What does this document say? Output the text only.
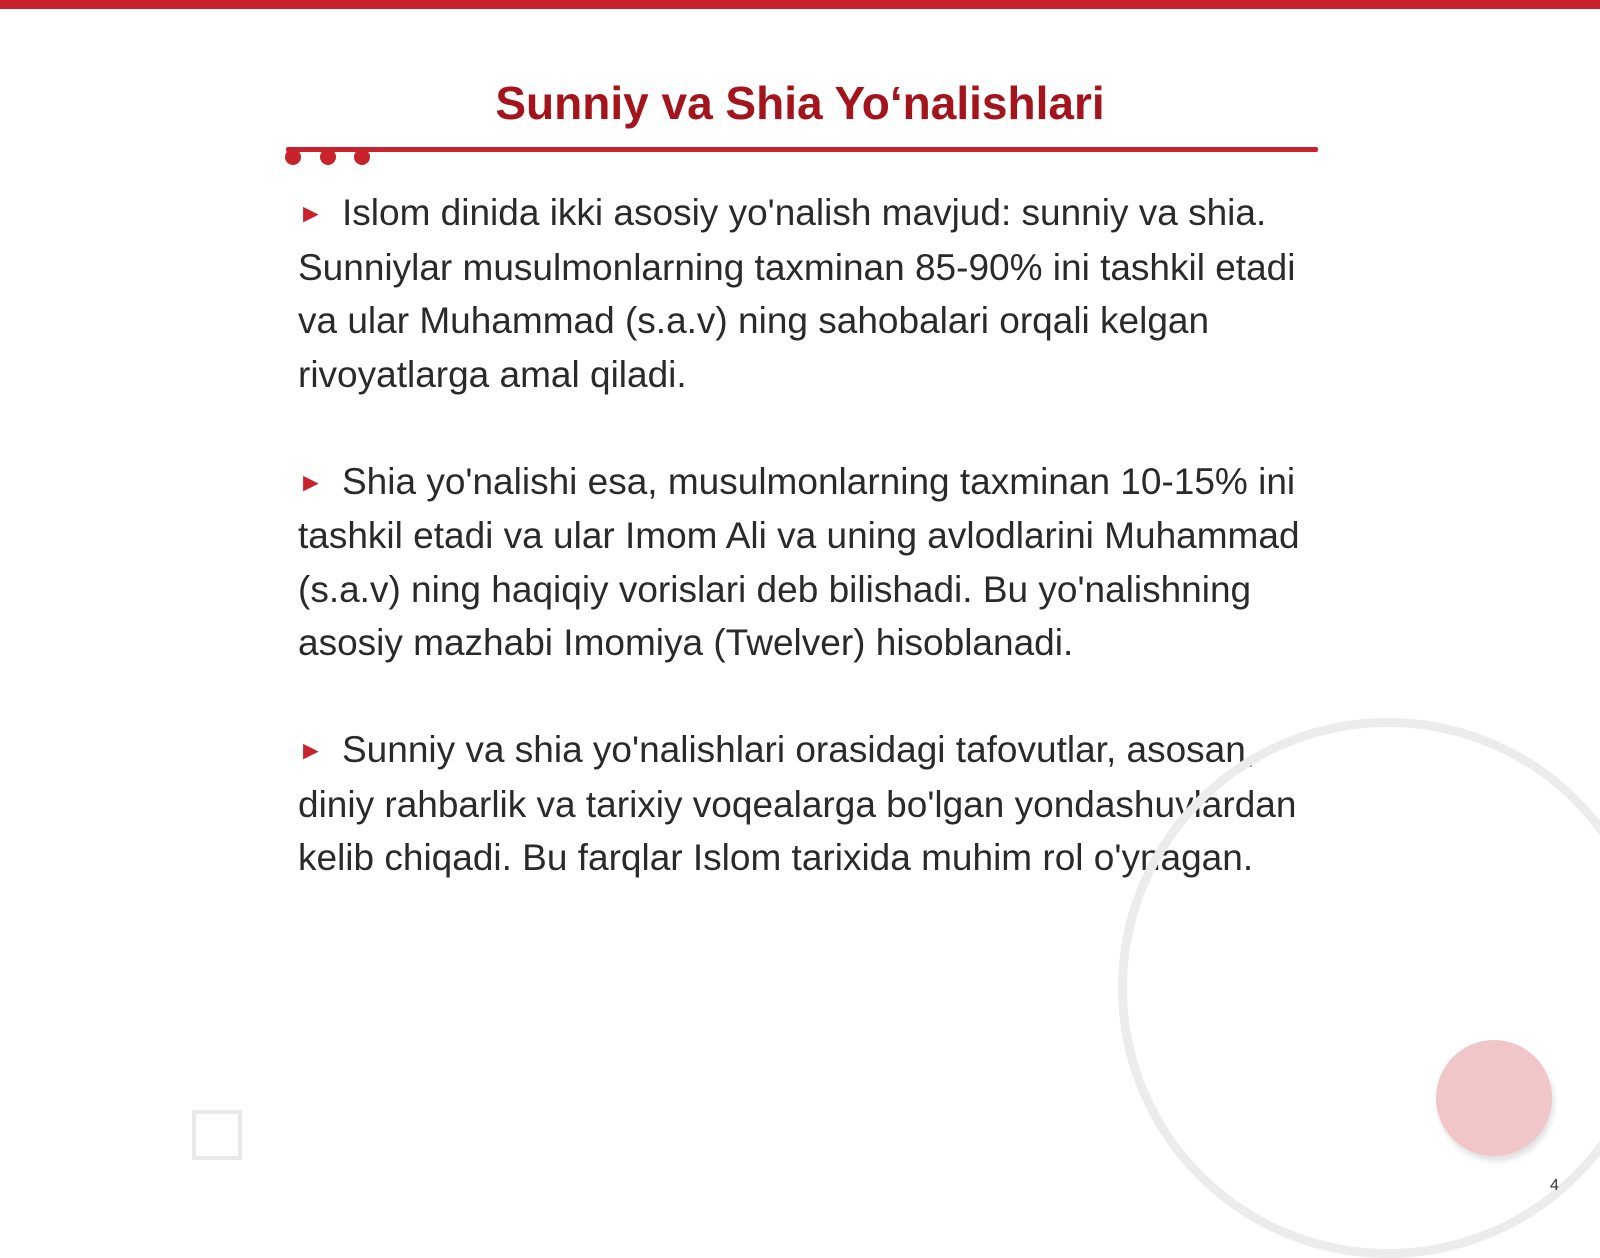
Sunniy va Shia Yoʻnalishlari
► Islom dinida ikki asosiy yo'nalish mavjud: sunniy va shia. Sunniylar musulmonlarning taxminan 85-90% ini tashkil etadi va ular Muhammad (s.a.v) ning sahobalari orqali kelgan rivoyatlarga amal qiladi.
► Shia yo'nalishi esa, musulmonlarning taxminan 10-15% ini tashkil etadi va ular Imom Ali va uning avlodlarini Muhammad (s.a.v) ning haqiqiy vorislari deb bilishadi. Bu yo'nalishning asosiy mazhabi Imomiya (Twelver) hisoblanadi.
► Sunniy va shia yo'nalishlari orasidagi tafovutlar, asosan, diniy rahbarlik va tarixiy voqealarga bo'lgan yondashuvlardan kelib chiqadi. Bu farqlar Islom tarixida muhim rol o'ynagan.
4
